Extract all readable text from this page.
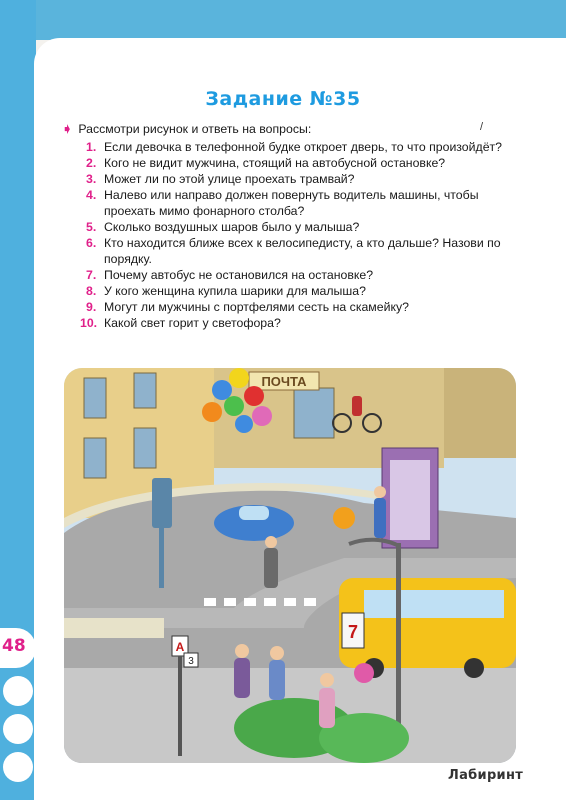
Задание №35
➧ Рассмотри рисунок и ответь на вопросы:	/
1. Если девочка в телефонной будке откроет дверь, то что произойдёт?
2. Кого не видит мужчина, стоящий на автобусной остановке?
3. Может ли по этой улице проехать трамвай?
4. Налево или направо должен повернуть водитель машины, чтобы проехать мимо фонарного столба?
5. Сколько воздушных шаров было у малыша?
6. Кто находится ближе всех к велосипедисту, а кто дальше? Назови по порядку.
7. Почему автобус не остановился на остановке?
8. У кого женщина купила шарики для малыша?
9. Могут ли мужчины с портфелями сесть на скамейку?
10. Какой свет горит у светофора?
ПОЧТА
7
А
3
48
Лабиринт
